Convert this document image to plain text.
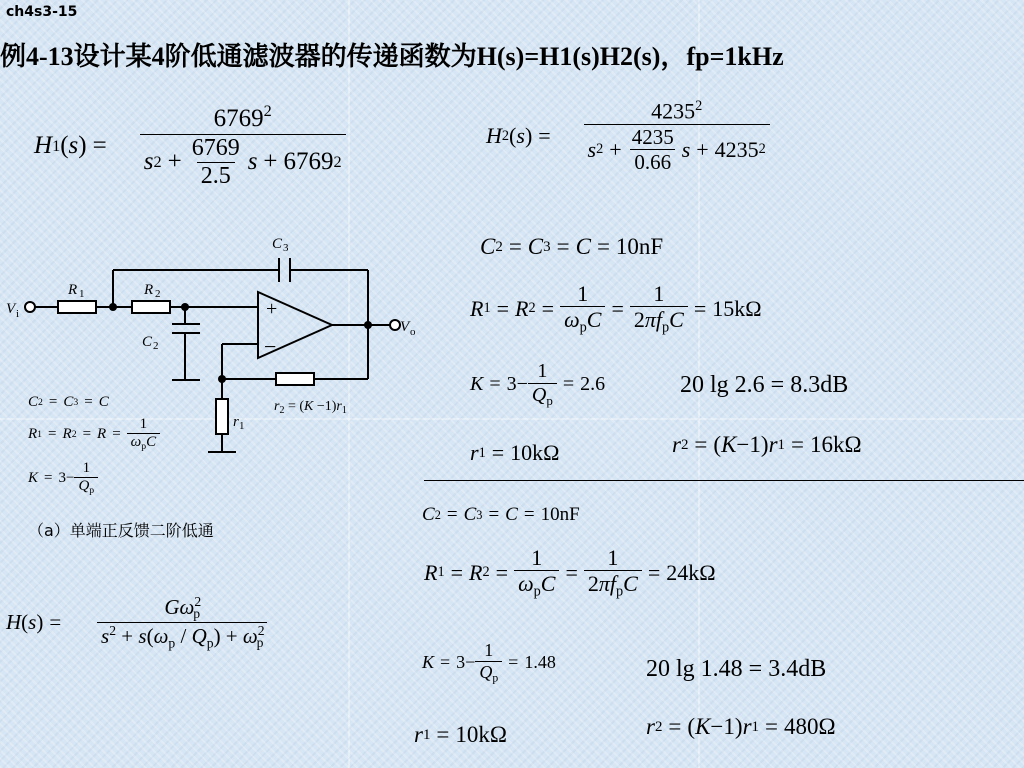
ch4s3-15
例4-13设计某4阶低通滤波器的传递函数为H(s)=H1(s)H2(s)，fp=1kHz
H 1 ( s ) = $\frac{6769^2}{s 2 + \frac{6769}{2.5} s + 6769 2}$	H 2 ( s ) = $\frac{4235^2}{s 2 + \frac{4235}{0.66} s + 4235 2}$
+
−
V i
V o
R 1	R 2
C 3
C 2
r 1
$r_2 = (K -1)r_1$
C 2 = C 3 = C
R 1 = R $2 = R = \frac{1}{\omega_pC}$
$K = 3- \frac{1}{Q_p}$
（a）单端正反馈二阶低通
H ( s ) = $\frac{G\omega^2_p}{s^2 + s(\omega_p / Q_p) + \omega^2_p}$
C 2 = C 3 = C = 10nF
R 1 = R $2 = \frac{1}{\omega_pC} = \frac{1}{2\pi f_pC} = 15k\Omega$
$K = 3- \frac{1}{Q_p} = 2.6$	20 lg 2.6 = 8.3dB
r 1 = 10kΩ	r 2 = ( K −1) r 1 = 16kΩ
C 2 = C 3 = C = 10nF
R 1 = R $2 = \frac{1}{\omega_pC} = \frac{1}{2\pi f_pC} = 24k\Omega$
$K = 3- \frac{1}{Q_p} = 1.48$	20 lg 1.48 = 3.4dB
r 1 = 10kΩ	r 2 = ( K −1) r 1 = 480Ω
